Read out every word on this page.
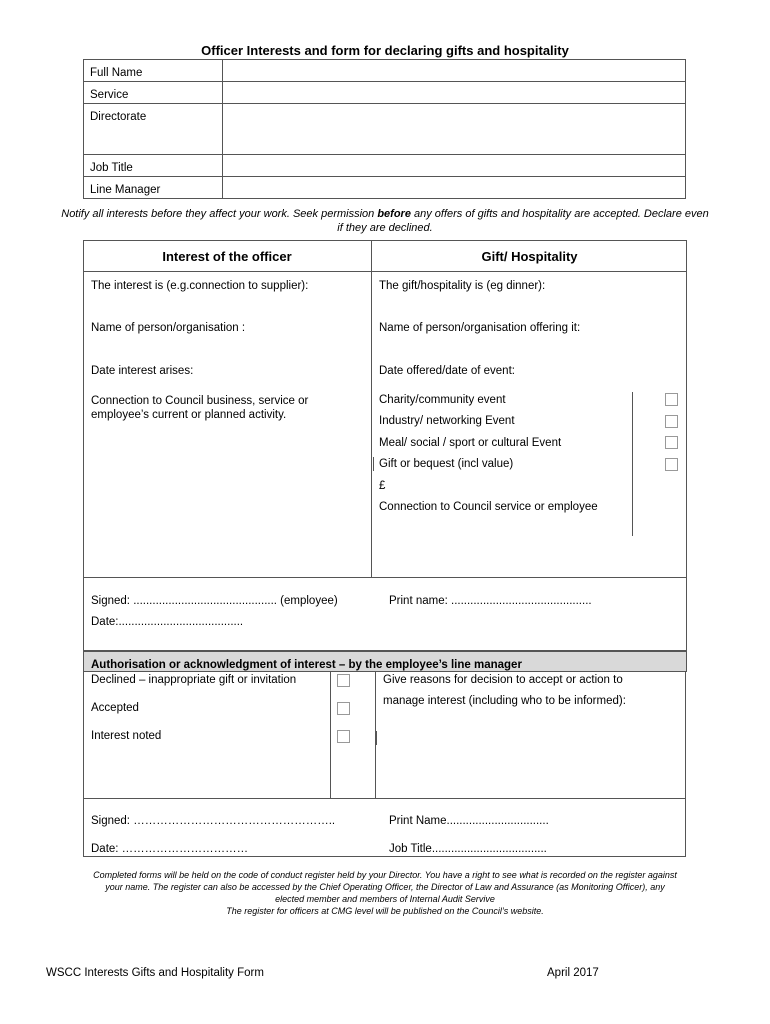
Officer Interests and form for declaring gifts and hospitality
Full Name	

Service	

Directorate	

Job Title	

Line Manager	

Notify all interests before they affect your work. Seek permission before any offers of gifts and hospitality are accepted. Declare even if they are declined.
Interest of the officer	Gift/ Hospitality
The interest is (e.g.connection to supplier):
Name of person/organisation :
Date interest arises:
Connection to Council business, service or employee’s current or planned activity.
The gift/hospitality is (eg dinner):
Name of person/organisation offering it:
Date offered/date of event:
Charity/community event
Industry/ networking Event
Meal/ social / sport or cultural Event
Gift or bequest (incl value)
£
Connection to Council service or employee
Signed: ............................................. (employee)	Print name: ............................................
Date:.......................................
Authorisation or acknowledgment of interest – by the employee’s line manager
Declined – inappropriate gift or invitation
Accepted
Interest noted
Give reasons for decision to accept or action to
manage interest (including who to be informed):
Signed: ……………………………………………..	Print Name................................
Date: ……………………………	Job Title....................................
Completed forms will be held on the code of conduct register held by your Director. You have a right to see what is recorded on the register against
your name. The register can also be accessed by the Chief Operating Officer, the Director of Law and Assurance (as Monitoring Officer), any
elected member and members of Internal Audit Servive
The register for officers at CMG level will be published on the Council’s website.
WSCC Interests Gifts and Hospitality Form	April 2017
